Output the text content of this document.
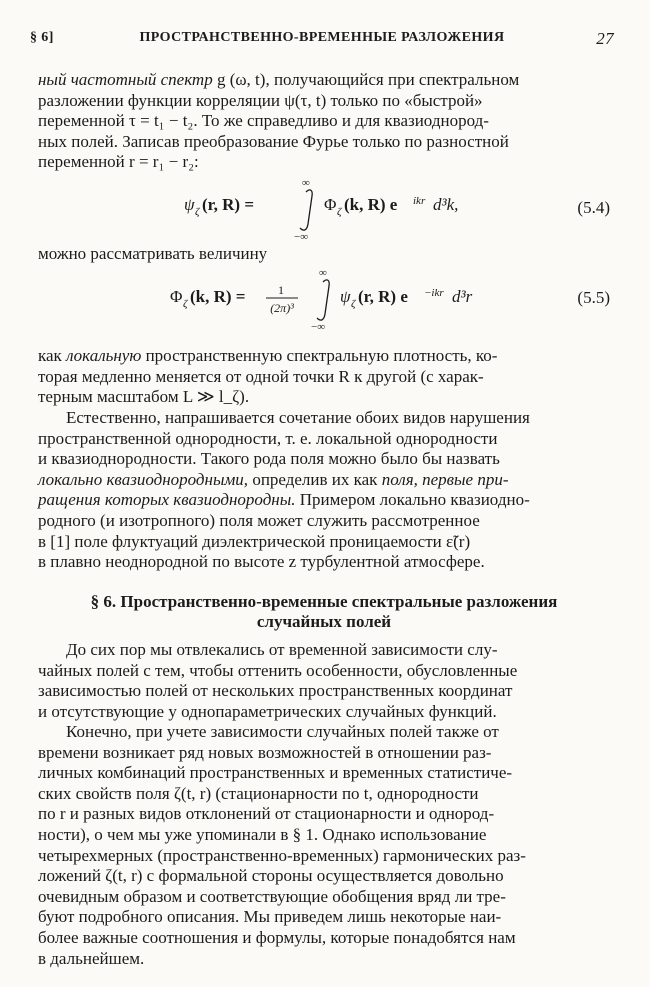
§ 6]	ПРОСТРАНСТВЕННО-ВРЕМЕННЫЕ РАЗЛОЖЕНИЯ	27

ный частотный спектр g (ω, t), получающийся при спектральном

разложении функции корреляции ψ(τ, t) только по «быстрой»

переменной τ = t₁ − t₂. То же справедливо и для квазиоднород-

ных полей. Записав преобразование Фурье только по разностной

переменной r = r₁ − r₂:

ψ ζ (r, R) =
∞
−∞
Φ ζ (k, R) e ikr d³k,	(5.4)

можно рассматривать величину

Φ ζ (k, R) =	1
(2π)³
∞
−∞
ψ ζ (r, R) e −ikr d³r	(5.5)

как локальную пространственную спектральную плотность, ко-

торая медленно меняется от одной точки R к другой (с харак-

терным масштабом L ≫ l_ζ).

Естественно, напрашивается сочетание обоих видов нарушения

пространственной однородности, т. е. локальной однородности

и квазиоднородности. Такого рода поля можно было бы назвать

локально квазиоднородными, определив их как поля, первые при-

ращения которых квазиоднородны. Примером локально квазиодно-

родного (и изотропного) поля может служить рассмотренное

в [1] поле флуктуаций диэлектрической проницаемости ε̃(r)

в плавно неоднородной по высоте z турбулентной атмосфере.

§ 6. Пространственно-временные спектральные разложения
случайных полей

До сих пор мы отвлекались от временной зависимости слу-

чайных полей с тем, чтобы оттенить особенности, обусловленные

зависимостью полей от нескольких пространственных координат

и отсутствующие у однопараметрических случайных функций.

Конечно, при учете зависимости случайных полей также от

времени возникает ряд новых возможностей в отношении раз-

личных комбинаций пространственных и временных статистиче-

ских свойств поля ζ(t, r) (стационарности по t, однородности

по r и разных видов отклонений от стационарности и однород-

ности), о чем мы уже упоминали в § 1. Однако использование

четырехмерных (пространственно-временных) гармонических раз-

ложений ζ(t, r) с формальной стороны осуществляется довольно

очевидным образом и соответствующие обобщения вряд ли тре-

буют подробного описания. Мы приведем лишь некоторые наи-

более важные соотношения и формулы, которые понадобятся нам

в дальнейшем.
